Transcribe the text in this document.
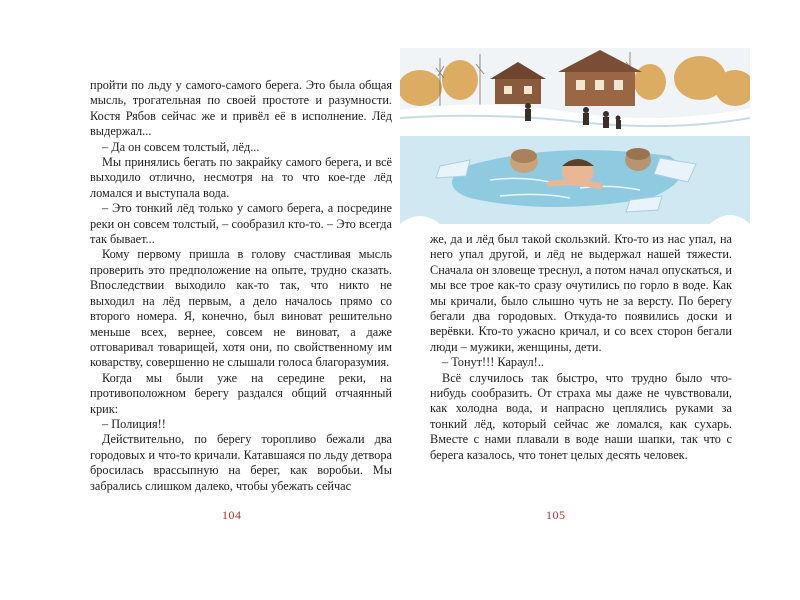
пройти по льду у самого-самого берега. Это была общая мысль, трогательная по своей простоте и разумности. Костя Рябов сейчас же и привёл её в исполнение. Лёд выдержал...

– Да он совсем толстый, лёд...

Мы принялись бегать по закрайку самого берега, и всё выходило отлично, несмотря на то что кое-где лёд ломался и выступала вода.

– Это тонкий лёд только у самого берега, а посредине реки он совсем толстый, – сообразил кто-то. – Это всегда так бывает...

Кому первому пришла в голову счастливая мысль проверить это предположение на опыте, трудно сказать. Впоследствии выходило как-то так, что никто не выходил на лёд первым, а дело началось прямо со второго номера. Я, конечно, был виноват решительно меньше всех, вернее, совсем не виноват, а даже отговаривал товарищей, хотя они, по свойственному им коварству, совершенно не слышали голоса благоразумия.

Когда мы были уже на середине реки, на противоположном берегу раздался общий отчаянный крик:

– Полиция!!

Действительно, по берегу торопливо бежали два городовых и что-то кричали. Катавшаяся по льду детвора бросилась врассыпную на берег, как воробьи. Мы забрались слишком далеко, чтобы убежать сейчас

104

же, да и лёд был такой скользкий. Кто-то из нас упал, на него упал другой, и лёд не выдержал нашей тяжести. Сначала он зловеще треснул, а потом начал опускаться, и мы все трое как-то сразу очутились по горло в воде. Как мы кричали, было слышно чуть не за версту. По берегу бегали два городовых. Откуда-то появились доски и верёвки. Кто-то ужасно кричал, и со всех сторон бегали люди – мужики, женщины, дети.

– Тонут!!! Караул!..

Всё случилось так быстро, что трудно было что-нибудь сообразить. От страха мы даже не чувствовали, как холодна вода, и напрасно цеплялись руками за тонкий лёд, который сейчас же ломался, как сухарь. Вместе с нами плавали в воде наши шапки, так что с берега казалось, что тонет целых десять человек.

105
